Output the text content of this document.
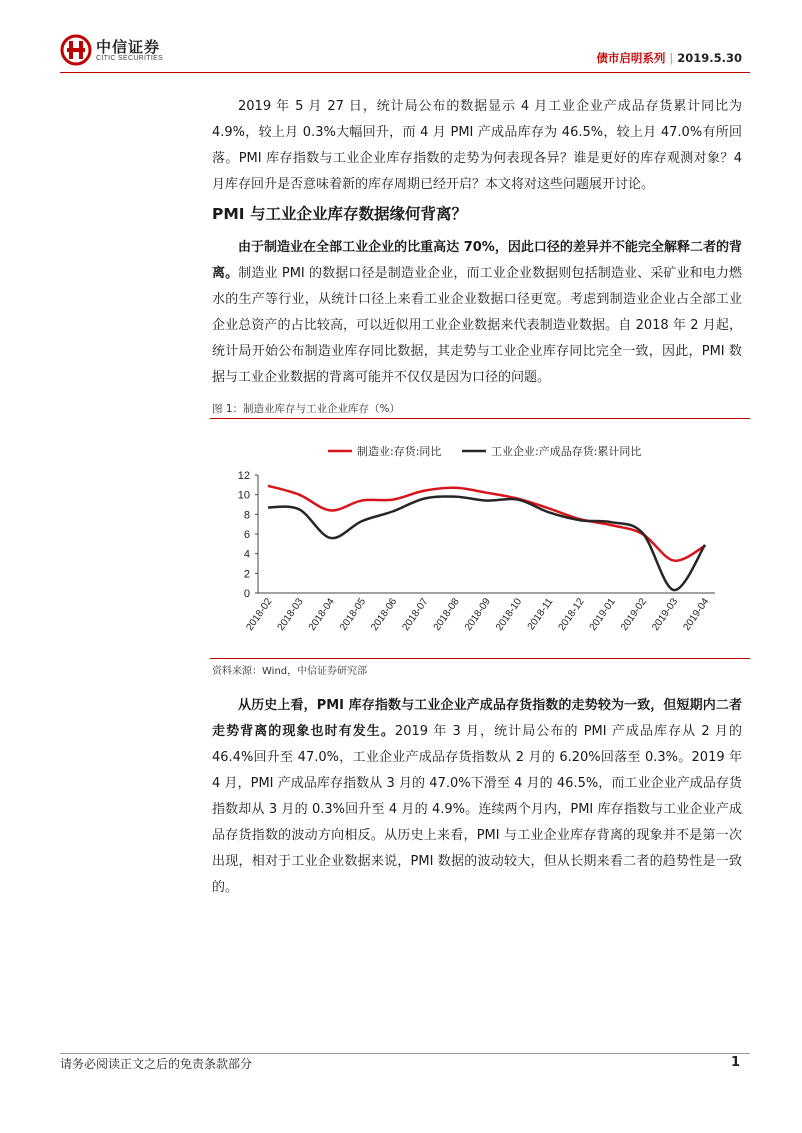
中信证券
CITIC SECURITIES	债市启明系列 | 2019.5.30

2019 年 5 月 27 日，统计局公布的数据显示 4 月工业企业产成品存货累计同比为 4.9%，较上月 0.3%大幅回升，而 4 月 PMI 产成品库存为 46.5%，较上月 47.0%有所回落。PMI 库存指数与工业企业库存指数的走势为何表现各异？谁是更好的库存观测对象？4 月库存回升是否意味着新的库存周期已经开启？本文将对这些问题展开讨论。

PMI 与工业企业库存数据缘何背离？

由于制造业在全部工业企业的比重高达 70%，因此口径的差异并不能完全解释二者的背离。制造业 PMI 的数据口径是制造业企业，而工业企业数据则包括制造业、采矿业和电力燃水的生产等行业，从统计口径上来看工业企业数据口径更宽。考虑到制造业企业占全部工业企业总资产的占比较高，可以近似用工业企业数据来代表制造业数据。自 2018 年 2 月起，统计局开始公布制造业库存同比数据，其走势与工业企业库存同比完全一致，因此，PMI 数据与工业企业数据的背离可能并不仅仅是因为口径的问题。

图 1：制造业库存与工业企业库存（%）
0
2
4
6
8
10
12
2018-02 2018-03 2018-04 2018-05 2018-06 2018-07 2018-08 2018-09 2018-10 2018-11 2018-12 2019-01 2019-02 2019-03 2019-04
制造业:存货:同比	工业企业:产成品存货:累计同比
资料来源：Wind，中信证券研究部

从历史上看，PMI 库存指数与工业企业产成品存货指数的走势较为一致，但短期内二者走势背离的现象也时有发生。2019 年 3 月，统计局公布的 PMI 产成品库存从 2 月的 46.4%回升至 47.0%，工业企业产成品存货指数从 2 月的 6.20%回落至 0.3%。2019 年 4 月，PMI 产成品库存指数从 3 月的 47.0%下滑至 4 月的 46.5%，而工业企业产成品存货指数却从 3 月的 0.3%回升至 4 月的 4.9%。连续两个月内，PMI 库存指数与工业企业产成品存货指数的波动方向相反。从历史上来看，PMI 与工业企业库存背离的现象并不是第一次出现，相对于工业企业数据来说，PMI 数据的波动较大，但从长期来看二者的趋势性是一致的。

请务必阅读正文之后的免责条款部分	1
